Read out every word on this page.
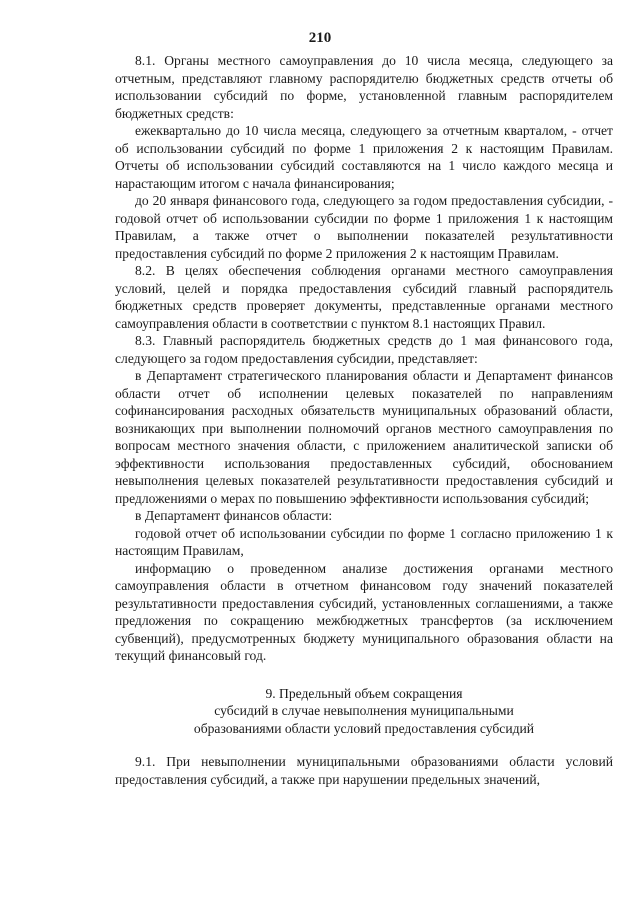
210

8.1. Органы местного самоуправления до 10 числа месяца, следующего за отчетным, представляют главному распорядителю бюджетных средств отчеты об использовании субсидий по форме, установленной главным распорядителем бюджетных средств:

ежеквартально до 10 числа месяца, следующего за отчетным кварталом, - отчет об использовании субсидий по форме 1 приложения 2 к настоящим Правилам. Отчеты об использовании субсидий составляются на 1 число каждого месяца и нарастающим итогом с начала финансирования;

до 20 января финансового года, следующего за годом предоставления субсидии, - годовой отчет об использовании субсидии по форме 1 приложения 1 к настоящим Правилам, а также отчет о выполнении показателей результативности предоставления субсидий по форме 2 приложения 2 к настоящим Правилам.

8.2. В целях обеспечения соблюдения органами местного самоуправления условий, целей и порядка предоставления субсидий главный распорядитель бюджетных средств проверяет документы, представленные органами местного самоуправления области в соответствии с пунктом 8.1 настоящих Правил.

8.3. Главный распорядитель бюджетных средств до 1 мая финансового года, следующего за годом предоставления субсидии, представляет:

в Департамент стратегического планирования области и Департамент финансов области отчет об исполнении целевых показателей по направлениям софинансирования расходных обязательств муниципальных образований области, возникающих при выполнении полномочий органов местного самоуправления по вопросам местного значения области, с приложением аналитической записки об эффективности использования предоставленных субсидий, обоснованием невыполнения целевых показателей результативности предоставления субсидий и предложениями о мерах по повышению эффективности использования субсидий;

в Департамент финансов области:

годовой отчет об использовании субсидии по форме 1 согласно приложению 1 к настоящим Правилам,

информацию о проведенном анализе достижения органами местного самоуправления области в отчетном финансовом году значений показателей результативности предоставления субсидий, установленных соглашениями, а также предложения по сокращению межбюджетных трансфертов (за исключением субвенций), предусмотренных бюджету муниципального образования области на текущий финансовый год.

9. Предельный объем сокращения
субсидий в случае невыполнения муниципальными
образованиями области условий предоставления субсидий

9.1. При невыполнении муниципальными образованиями области условий предоставления субсидий, а также при нарушении предельных значений,
